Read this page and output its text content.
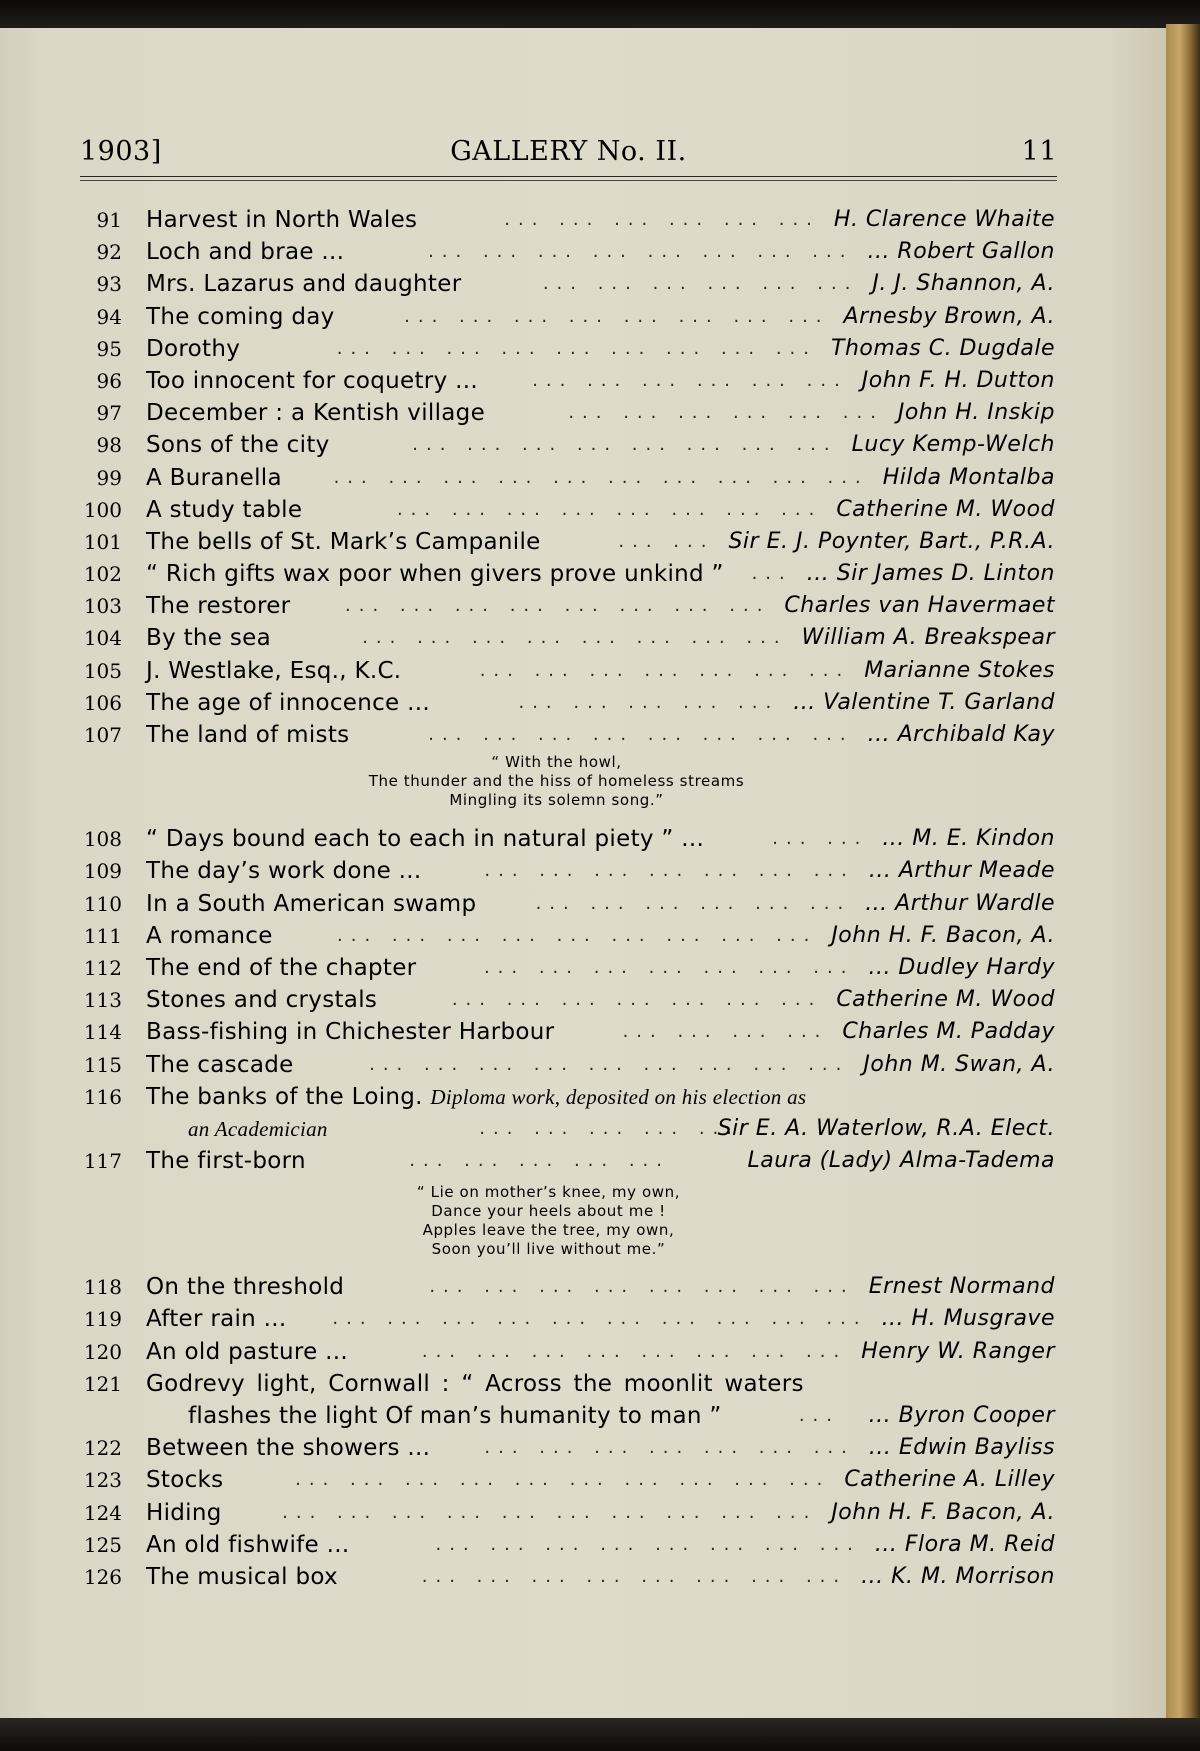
1903]	GALLERY No. II.	11
91 Harvest in North Wales	... ... ... ... ... ... H. Clarence Whaite
92 Loch and brae ...	... ... ... ... ... ... ... ... ... Robert Gallon
93 Mrs. Lazarus and daughter	... ... ... ... ... ... J. J. Shannon, A.
94 The coming day	... ... ... ... ... ... ... ... Arnesby Brown, A.
95 Dorothy	... ... ... ... ... ... ... ... ... Thomas C. Dugdale
96 Too innocent for coquetry ...	... ... ... ... ... ... John F. H. Dutton
97 December : a Kentish village	... ... ... ... ... ... John H. Inskip
98 Sons of the city	... ... ... ... ... ... ... ... Lucy Kemp-Welch
99 A Buranella	... ... ... ... ... ... ... ... ... ... Hilda Montalba
100 A study table	... ... ... ... ... ... ... ... Catherine M. Wood
101 The bells of St. Mark’s Campanile	... ... Sir E. J. Poynter, Bart., P.R.A.
102 “ Rich gifts wax poor when givers prove unkind ”	... ... Sir James D. Linton
103 The restorer	... ... ... ... ... ... ... ... Charles van Havermaet
104 By the sea	... ... ... ... ... ... ... ... William A. Breakspear
105 J. Westlake, Esq., K.C.	... ... ... ... ... ... ... Marianne Stokes
106 The age of innocence ...	... ... ... ... ... ... Valentine T. Garland
107 The land of mists	... ... ... ... ... ... ... ... ... Archibald Kay
“ With the howl,
The thunder and the hiss of homeless streams
Mingling its solemn song.”
108 “ Days bound each to each in natural piety ” ...	... ... ... M. E. Kindon
109 The day’s work done ...	... ... ... ... ... ... ... ... Arthur Meade
110 In a South American swamp	... ... ... ... ... ... ... Arthur Wardle
111 A romance	... ... ... ... ... ... ... ... ... John H. F. Bacon, A.
112 The end of the chapter	... ... ... ... ... ... ... ... Dudley Hardy
113 Stones and crystals	... ... ... ... ... ... ... Catherine M. Wood
114 Bass-fishing in Chichester Harbour	... ... ... ... Charles M. Padday
115 The cascade	... ... ... ... ... ... ... ... ... John M. Swan, A.
116 The banks of the Loing. Diploma work, deposited on his election as
an Academician	... ... ... ... ...
Sir E. A. Waterlow, R.A. Elect.
117 The first-born	... ... ... ... ...	Laura (Lady) Alma-Tadema
“ Lie on mother’s knee, my own,
Dance your heels about me !
Apples leave the tree, my own,
Soon you’ll live without me.”
118 On the threshold	... ... ... ... ... ... ... ... Ernest Normand
119 After rain ...	... ... ... ... ... ... ... ... ... ... ... H. Musgrave
120 An old pasture ...	... ... ... ... ... ... ... ... Henry W. Ranger
121 Godrevy light, Cornwall : “ Across the moonlit waters
flashes the light Of man’s humanity to man ”	... ... Byron Cooper
122 Between the showers ...	... ... ... ... ... ... ... ... Edwin Bayliss
123 Stocks	... ... ... ... ... ... ... ... ... ... Catherine A. Lilley
124 Hiding	... ... ... ... ... ... ... ... ... ... John H. F. Bacon, A.
125 An old fishwife ...	... ... ... ... ... ... ... ... ... Flora M. Reid
126 The musical box	... ... ... ... ... ... ... ... ... K. M. Morrison
